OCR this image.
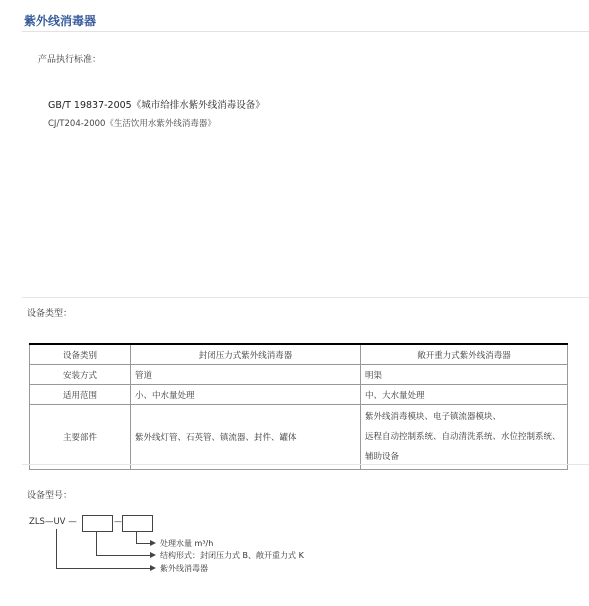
紫外线消毒器
产品执行标准：
GB/T 19837-2005《城市给排水紫外线消毒设备》
CJ/T204-2000《生活饮用水紫外线消毒器》
设备类型：
设备类别	封闭压力式紫外线消毒器	敞开重力式紫外线消毒器
安装方式	管道	明渠
适用范围	小、中水量处理	中、大水量处理
主要部件	紫外线灯管、石英管、镇流器、封件、罐体	紫外线消毒模块、电子镇流器模块、远程自动控制系统、自动清洗系统、水位控制系统、辅助设备
设备型号：
ZLS—UV —	—
处理水量 m³/h
结构形式：封闭压力式 B、敞开重力式 K
紫外线消毒器
